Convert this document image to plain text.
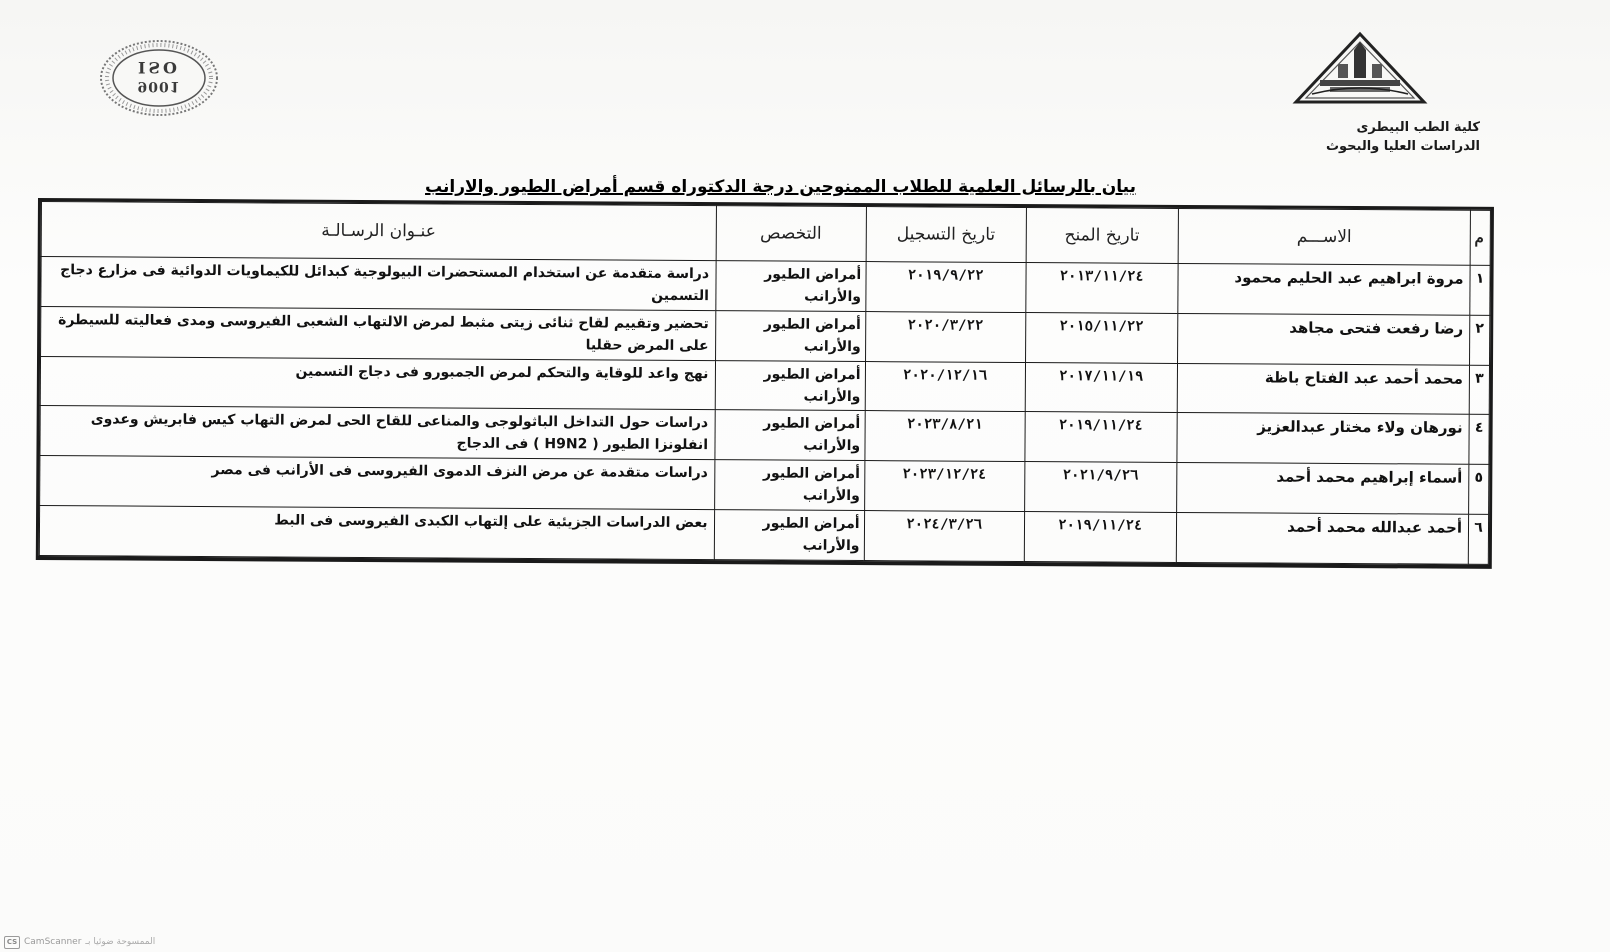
ISO
9001
كلية الطب البيطرى
الدراسات العليا والبحوث
بيان بالرسائل العلمية للطلاب الممنوحين درجة الدكتوراه قسم أمراض الطيور والارانب
م	الاســـم	تاريخ المنح	تاريخ التسجيل	التخصص	عنـوان الرسـالـة
١	مروة ابراهيم عبد الحليم محمود	٢٠١٣/١١/٢٤	٢٠١٩/٩/٢٢	أمراض الطيور والأرانب	دراسة متقدمة عن استخدام المستحضرات البيولوجية كبدائل للكيماويات الدوائية فى مزارع دجاج التسمين
٢	رضا رفعت فتحى مجاهد	٢٠١٥/١١/٢٢	٢٠٢٠/٣/٢٢	أمراض الطيور والأرانب	تحضير وتقييم لقاح ثنائى زيتى مثبط لمرض الالتهاب الشعبى الفيروسى ومدى فعاليته للسيطرة على المرض حقليا
٣	محمد أحمد عبد الفتاح باظة	٢٠١٧/١١/١٩	٢٠٢٠/١٢/١٦	أمراض الطيور والأرانب	نهج واعد للوقاية والتحكم لمرض الجمبورو فى دجاج التسمين
٤	نورهان ولاء مختار عبدالعزيز	٢٠١٩/١١/٢٤	٢٠٢٣/٨/٢١	أمراض الطيور والأرانب	دراسات حول التداخل الباثولوجى والمناعى للقاح الحى لمرض التهاب كيس فابريش وعدوى انفلونزا الطيور ( H9N2 ) فى الدجاج
٥	أسماء إبراهيم محمد أحمد	٢٠٢١/٩/٢٦	٢٠٢٣/١٢/٢٤	أمراض الطيور والأرانب	دراسات متقدمة عن مرض النزف الدموى الفيروسى فى الأرانب فى مصر
٦	أحمد عبدالله محمد أحمد	٢٠١٩/١١/٢٤	٢٠٢٤/٣/٢٦	أمراض الطيور والأرانب	بعض الدراسات الجزيئية على إلتهاب الكبدى الفيروسى فى البط
CS CamScanner الممسوحة ضوئيا بـ
